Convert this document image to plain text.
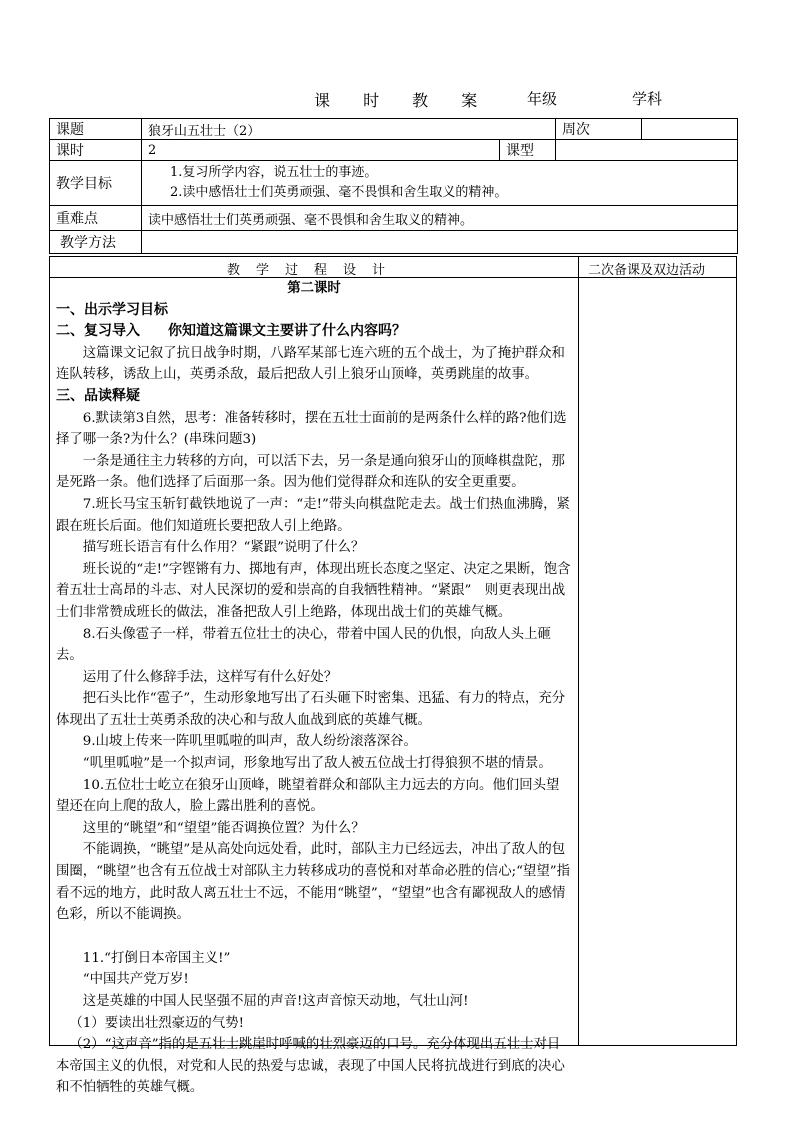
课 时 教 案 年级	学科
课题	狼牙山五壮士（2）		周次	
课时	2	课型		
教学目标	1.复习所学内容，说五壮士的事迹。
2.读中感悟壮士们英勇顽强、毫不畏惧和舍生取义的精神。			

重难点	读中感悟壮士们英勇顽强、毫不畏惧和舍生取义的精神。			
教学方法				
教学过程设计	二次备课及双边活动

第二课时

一、出示学习目标

二、复习导入　　你知道这篇课文主要讲了什么内容吗？

这篇课文记叙了抗日战争时期，八路军某部七连六班的五个战士，为了掩护群众和连队转移，诱敌上山，英勇杀敌，最后把敌人引上狼牙山顶峰，英勇跳崖的故事。

三、品读释疑

6.默读第3自然，思考：准备转移时，摆在五壮士面前的是两条什么样的路?他们选择了哪一条?为什么？(串珠问题3)

一条是通往主力转移的方向，可以活下去，另一条是通向狼牙山的顶峰棋盘陀，那是死路一条。他们选择了后面那一条。因为他们觉得群众和连队的安全更重要。

7.班长马宝玉斩钉截铁地说了一声：“走!”带头向棋盘陀走去。战士们热血沸腾，紧跟在班长后面。他们知道班长要把敌人引上绝路。

描写班长语言有什么作用？“紧跟”说明了什么？

班长说的“走!”字铿锵有力、掷地有声，体现出班长态度之坚定、决定之果断，饱含着五壮士高昂的斗志、对人民深切的爱和崇高的自我牺牲精神。“紧跟”　则更表现出战士们非常赞成班长的做法，准备把敌人引上绝路，体现出战士们的英雄气概。

8.石头像雹子一样，带着五位壮士的决心，带着中国人民的仇恨，向敌人头上砸去。

运用了什么修辞手法，这样写有什么好处？

把石头比作“雹子”，生动形象地写出了石头砸下时密集、迅猛、有力的特点，充分体现出了五壮士英勇杀敌的决心和与敌人血战到底的英雄气概。

9.山坡上传来一阵叽里呱啦的叫声，敌人纷纷滚落深谷。

“叽里呱啦”是一个拟声词，形象地写出了敌人被五位战士打得狼狈不堪的情景。

10.五位壮士屹立在狼牙山顶峰，眺望着群众和部队主力远去的方向。他们回头望望还在向上爬的敌人，脸上露出胜利的喜悦。

这里的“眺望”和“望望”能否调换位置？为什么？

不能调换，“眺望”是从高处向远处看，此时，部队主力已经远去，冲出了敌人的包围圈，“眺望”也含有五位战士对部队主力转移成功的喜悦和对革命必胜的信心;“望望”指看不远的地方，此时敌人离五壮士不远，不能用“眺望”，“望望”也含有鄙视敌人的感情色彩，所以不能调换。

11.“打倒日本帝国主义!”

“中国共产党万岁!

这是英雄的中国人民坚强不屈的声音!这声音惊天动地，气壮山河!

（1）要读出壮烈豪迈的气势!

（2）“这声音”指的是五壮士跳崖时呼喊的壮烈豪迈的口号。充分体现出五壮士对日本帝国主义的仇恨，对党和人民的热爱与忠诚，表现了中国人民将抗战进行到底的决心和不怕牺牲的英雄气概。
